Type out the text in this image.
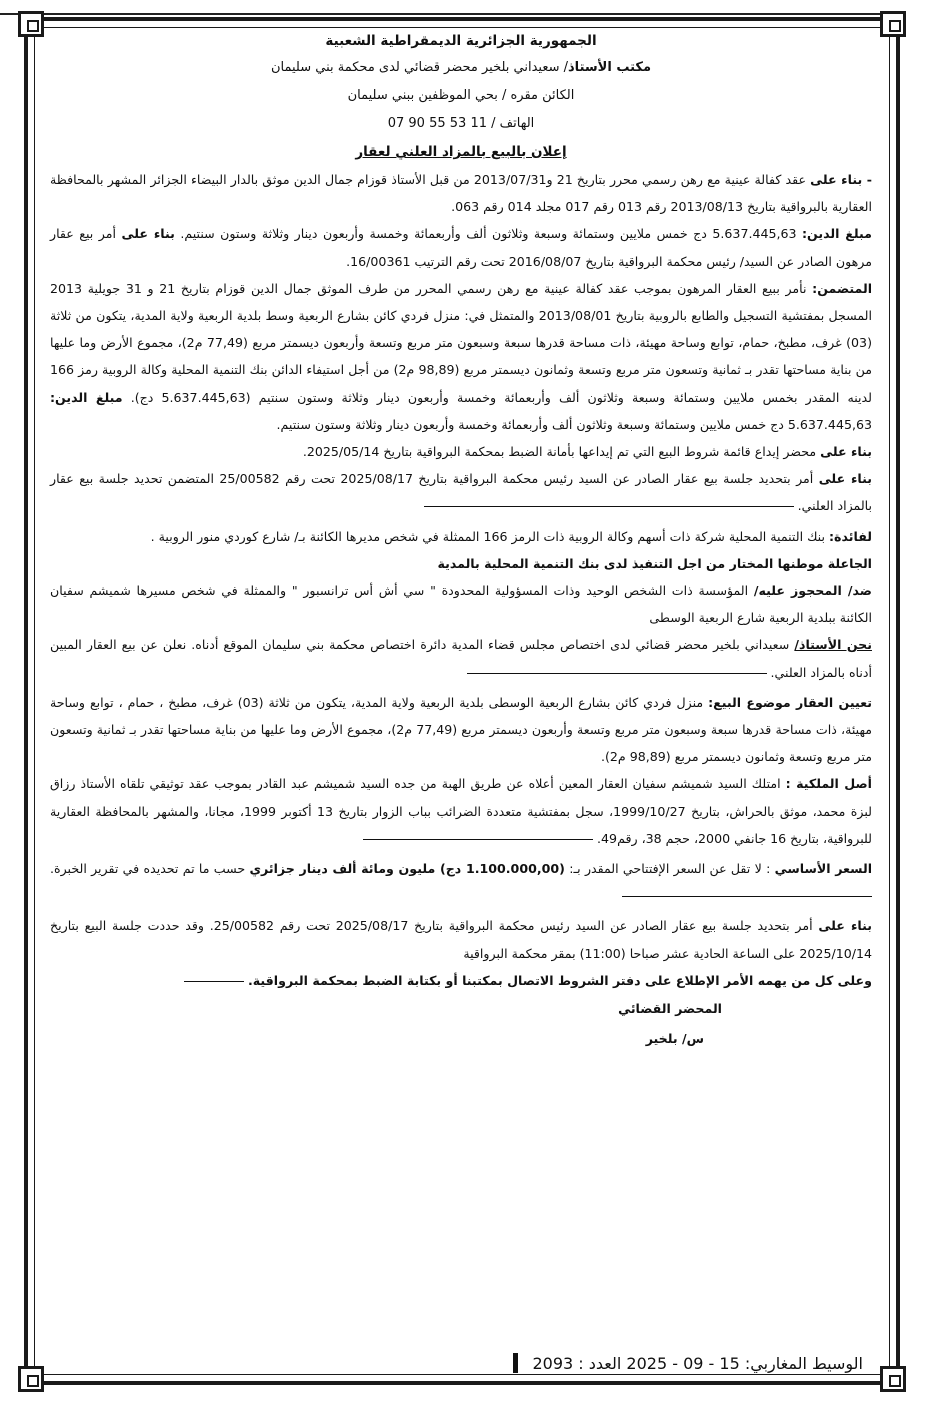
الجمهورية الجزائرية الديمقراطية الشعبية
مكتب الأستاذ/ سعيداني بلخير محضر قضائي لدى محكمة بني سليمان
الكائن مقره / بحي الموظفين ببني سليمان
الهاتف / 11 53 55 90 07
إعلان بالبيع بالمزاد العلني لعقار

- بناء على عقد كفالة عينية مع رهن رسمي محرر بتاريخ 21 و2013/07/31 من قبل الأستاذ قوزام جمال الدين موثق بالدار البيضاء الجزائر المشهر بالمحافظة العقارية بالبرواقية بتاريخ 2013/08/13 رقم 013 رقم 017 مجلد 014 رقم 063.

مبلغ الدين: 5.637.445,63 دج خمس ملايين وستمائة وسبعة وثلاثون ألف وأربعمائة وخمسة وأربعون دينار وثلاثة وستون سنتيم. بناء على أمر بيع عقار مرهون الصادر عن السيد/ رئيس محكمة البرواقية بتاريخ 2016/08/07 تحت رقم الترتيب 16/00361.

المتضمن: نأمر ببيع العقار المرهون بموجب عقد كفالة عينية مع رهن رسمي المحرر من طرف الموثق جمال الدين قوزام بتاريخ 21 و 31 جويلية 2013 المسجل بمفتشية التسجيل والطابع بالروبية بتاريخ 2013/08/01 والمتمثل في: منزل فردي كائن بشارع الربعية وسط بلدية الربعية ولاية المدية، يتكون من ثلاثة (03) غرف، مطبخ، حمام، توابع وساحة مهيئة، ذات مساحة قدرها سبعة وسبعون متر مربع وتسعة وأربعون ديسمتر مربع (77,49 م2)، مجموع الأرض وما عليها من بناية مساحتها تقدر بـ ثمانية وتسعون متر مربع وتسعة وثمانون ديسمتر مربع (98,89 م2) من أجل استيفاء الدائن بنك التنمية المحلية وكالة الروبية رمز 166 لدينه المقدر بخمس ملايين وستمائة وسبعة وثلاثون ألف وأربعمائة وخمسة وأربعون دينار وثلاثة وستون سنتيم (5.637.445,63 دج). مبلغ الدين: 5.637.445,63 دج خمس ملايين وستمائة وسبعة وثلاثون ألف وأربعمائة وخمسة وأربعون دينار وثلاثة وستون سنتيم.

بناء على محضر إيداع قائمة شروط البيع التي تم إيداعها بأمانة الضبط بمحكمة البرواقية بتاريخ 2025/05/14.

بناء على أمر بتحديد جلسة بيع عقار الصادر عن السيد رئيس محكمة البرواقية بتاريخ 2025/08/17 تحت رقم 25/00582 المتضمن تحديد جلسة بيع عقار بالمزاد العلني.

لفائدة: بنك التنمية المحلية شركة ذات أسهم وكالة الروبية ذات الرمز 166 الممثلة في شخص مديرها الكائنة بـ/ شارع كوردي منور الروبية .

الجاعلة موطنها المختار من اجل التنفيذ لدى بنك التنمية المحلية بالمدية

ضد/ المحجوز عليه/ المؤسسة ذات الشخص الوحيد وذات المسؤولية المحدودة " سي أش أس ترانسبور " والممثلة في شخص مسيرها شميشم سفيان الكائنة ببلدية الربعية شارع الربعية الوسطى

نحن الأستاذ/ سعيداني بلخير محضر قضائي لدى اختصاص مجلس قضاء المدية دائرة اختصاص محكمة بني سليمان الموقع أدناه. نعلن عن بيع العقار المبين أدناه بالمزاد العلني.

تعيين العقار موضوع البيع: منزل فردي كائن بشارع الربعية الوسطى بلدية الربعية ولاية المدية، يتكون من ثلاثة (03) غرف، مطبخ ، حمام ، توابع وساحة مهيئة، ذات مساحة قدرها سبعة وسبعون متر مربع وتسعة وأربعون ديسمتر مربع (77,49 م2)، مجموع الأرض وما عليها من بناية مساحتها تقدر بـ ثمانية وتسعون متر مربع وتسعة وثمانون ديسمتر مربع (98,89 م2).

أصل الملكية : امتلك السيد شميشم سفيان العقار المعين أعلاه عن طريق الهبة من جده السيد شميشم عبد القادر بموجب عقد توثيقي تلقاه الأستاذ رزاق لبزة محمد، موثق بالحراش، بتاريخ 1999/10/27، سجل بمفتشية متعددة الضرائب بباب الزوار بتاريخ 13 أكتوبر 1999، مجانا، والمشهر بالمحافظة العقارية للبرواقية، بتاريخ 16 جانفي 2000، حجم 38، رقم49.

السعر الأساسي : لا تقل عن السعر الإفتتاحي المقدر بـ: (1.100.000,00 دج) مليون ومائة ألف دينار جزائري حسب ما تم تحديده في تقرير الخبرة.

بناء على أمر بتحديد جلسة بيع عقار الصادر عن السيد رئيس محكمة البرواقية بتاريخ 2025/08/17 تحت رقم 25/00582. وقد حددت جلسة البيع بتاريخ 2025/10/14 على الساعة الحادية عشر صباحا (11:00) بمقر محكمة البرواقية

وعلى كل من يهمه الأمر الإطلاع على دفتر الشروط الاتصال بمكتبنا أو بكتابة الضبط بمحكمة البرواقية.

المحضر القضائي
س/ بلخير
الوسيط المغاربي: 15 - 09 - 2025 العدد : 2093
